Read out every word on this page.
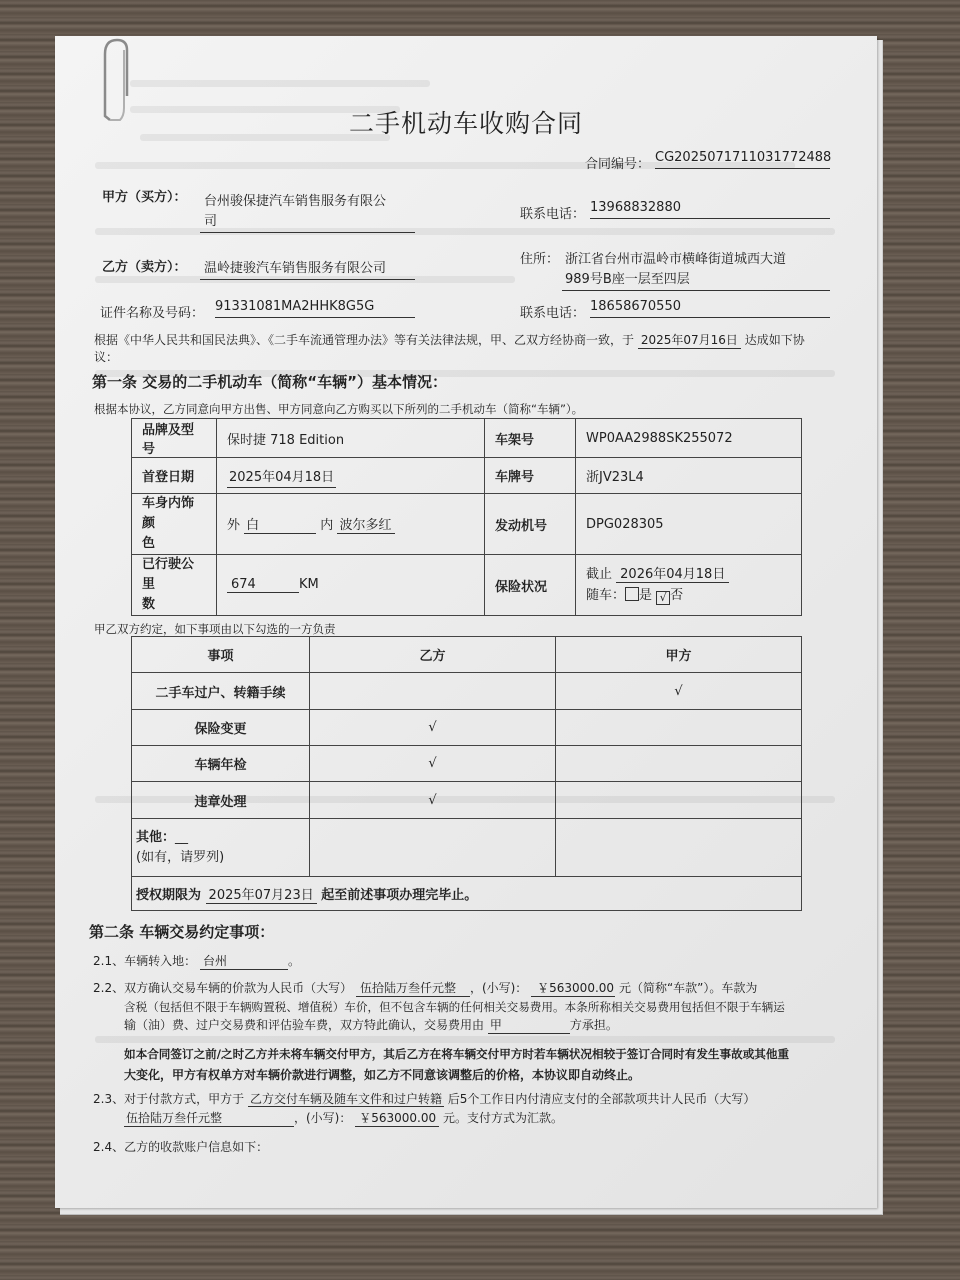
二手机动车收购合同
合同编号： CG2025071711031772488
甲方（买方）： 台州骏保捷汽车销售服务有限公
司	联系电话： 13968832880
乙方（卖方）：	温岭捷骏汽车销售服务有限公司
住所： 浙江省台州市温岭市横峰街道城西大道
989号B座一层至四层
证件名称及号码： 91331081MA2HHK8G5G	联系电话： 18658670550
根据《中华人民共和国民法典》、《二手车流通管理办法》等有关法律法规，甲、乙双方经协商一致，于 2025年07月16日 达成如下协
议：
第一条 交易的二手机动车（简称“车辆”）基本情况：
根据本协议，乙方同意向甲方出售、甲方同意向乙方购买以下所列的二手机动车（简称“车辆”）。
品牌及型号	保时捷 718 Edition	车架号	WP0AA2988SK255072
首登日期	2025年04月18日	车牌号	浙JV23L4
车身内饰颜
色	外 白 内 波尔多红	发动机号	DPG028305
已行驶公里
数	674 KM	保险状况	截止 2026年04月18日
随车： 是 √ 否
甲乙双方约定，如下事项由以下勾选的一方负责
事项	乙方	甲方
二手车过户、转籍手续		√
保险变更	√	
车辆年检	√	
违章处理	√	
其他：__
(如有，请罗列)		
授权期限为 2025年07月23日 起至前述事项办理完毕止。		
第二条 车辆交易约定事项：
2.1、车辆转入地： 台州	。
2.2、双方确认交易车辆的价款为人民币（大写） 伍拾陆万叁仟元整 ，(小写)： ￥563000.00 元（简称“车款”）。车款为
含税（包括但不限于车辆购置税、增值税）车价，但不包含车辆的任何相关交易费用。本条所称相关交易费用包括但不限于车辆运
输（油）费、过户交易费和评估验车费，双方特此确认，交易费用由 甲	方承担。
如本合同签订之前/之时乙方并未将车辆交付甲方，其后乙方在将车辆交付甲方时若车辆状况相较于签订合同时有发生事故或其他重
大变化，甲方有权单方对车辆价款进行调整，如乙方不同意该调整后的价格，本协议即自动终止。
2.3、对于付款方式，甲方于 乙方交付车辆及随车文件和过户转籍 后5个工作日内付清应支付的全部款项共计人民币（大写）
伍拾陆万叁仟元整	，(小写)： ￥563000.00 元。支付方式为汇款。
2.4、乙方的收款账户信息如下：
